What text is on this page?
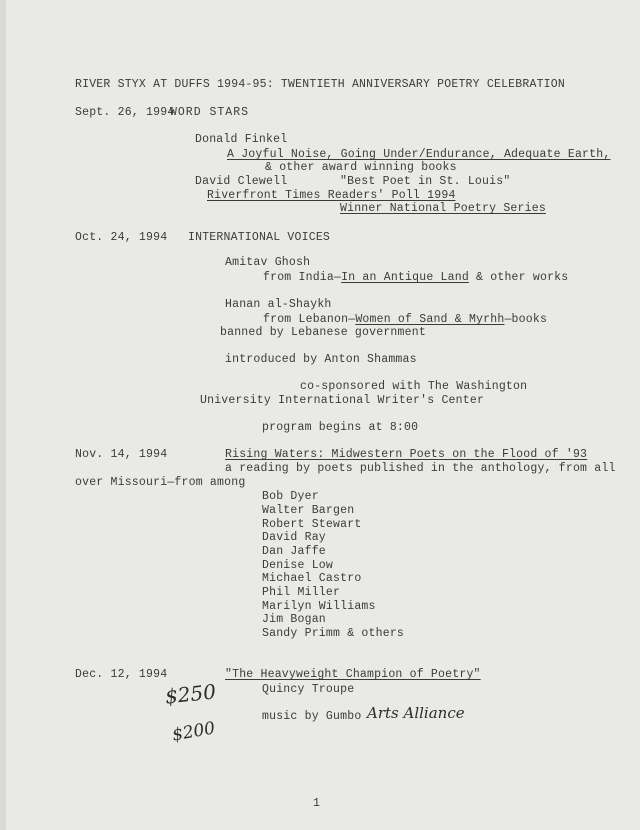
RIVER STYX AT DUFFS 1994-95: TWENTIETH ANNIVERSARY POETRY CELEBRATION
Sept. 26, 1994
WORD STARS
Donald Finkel
A Joyful Noise, Going Under/Endurance, Adequate Earth,
& other award winning books
David Clewell	"Best Poet in St. Louis"
Riverfront Times Readers' Poll 1994
Winner National Poetry Series
Oct. 24, 1994 INTERNATIONAL VOICES
Amitav Ghosh
from India—In an Antique Land & other works
Hanan al-Shaykh
from Lebanon—Women of Sand & Myrhh—books
banned by Lebanese government
introduced by Anton Shammas
co-sponsored with The Washington
University International Writer's Center
program begins at 8:00
Nov. 14, 1994	Rising Waters: Midwestern Poets on the Flood of '93
a reading by poets published in the anthology, from all
over Missouri—from among
Bob Dyer
Walter Bargen
Robert Stewart
David Ray
Dan Jaffe
Denise Low
Michael Castro
Phil Miller
Marilyn Williams
Jim Bogan
Sandy Primm & others
Dec. 12, 1994	"The Heavyweight Champion of Poetry"
Quincy Troupe
music by Gumbo
$250
$200
Arts Alliance
1
